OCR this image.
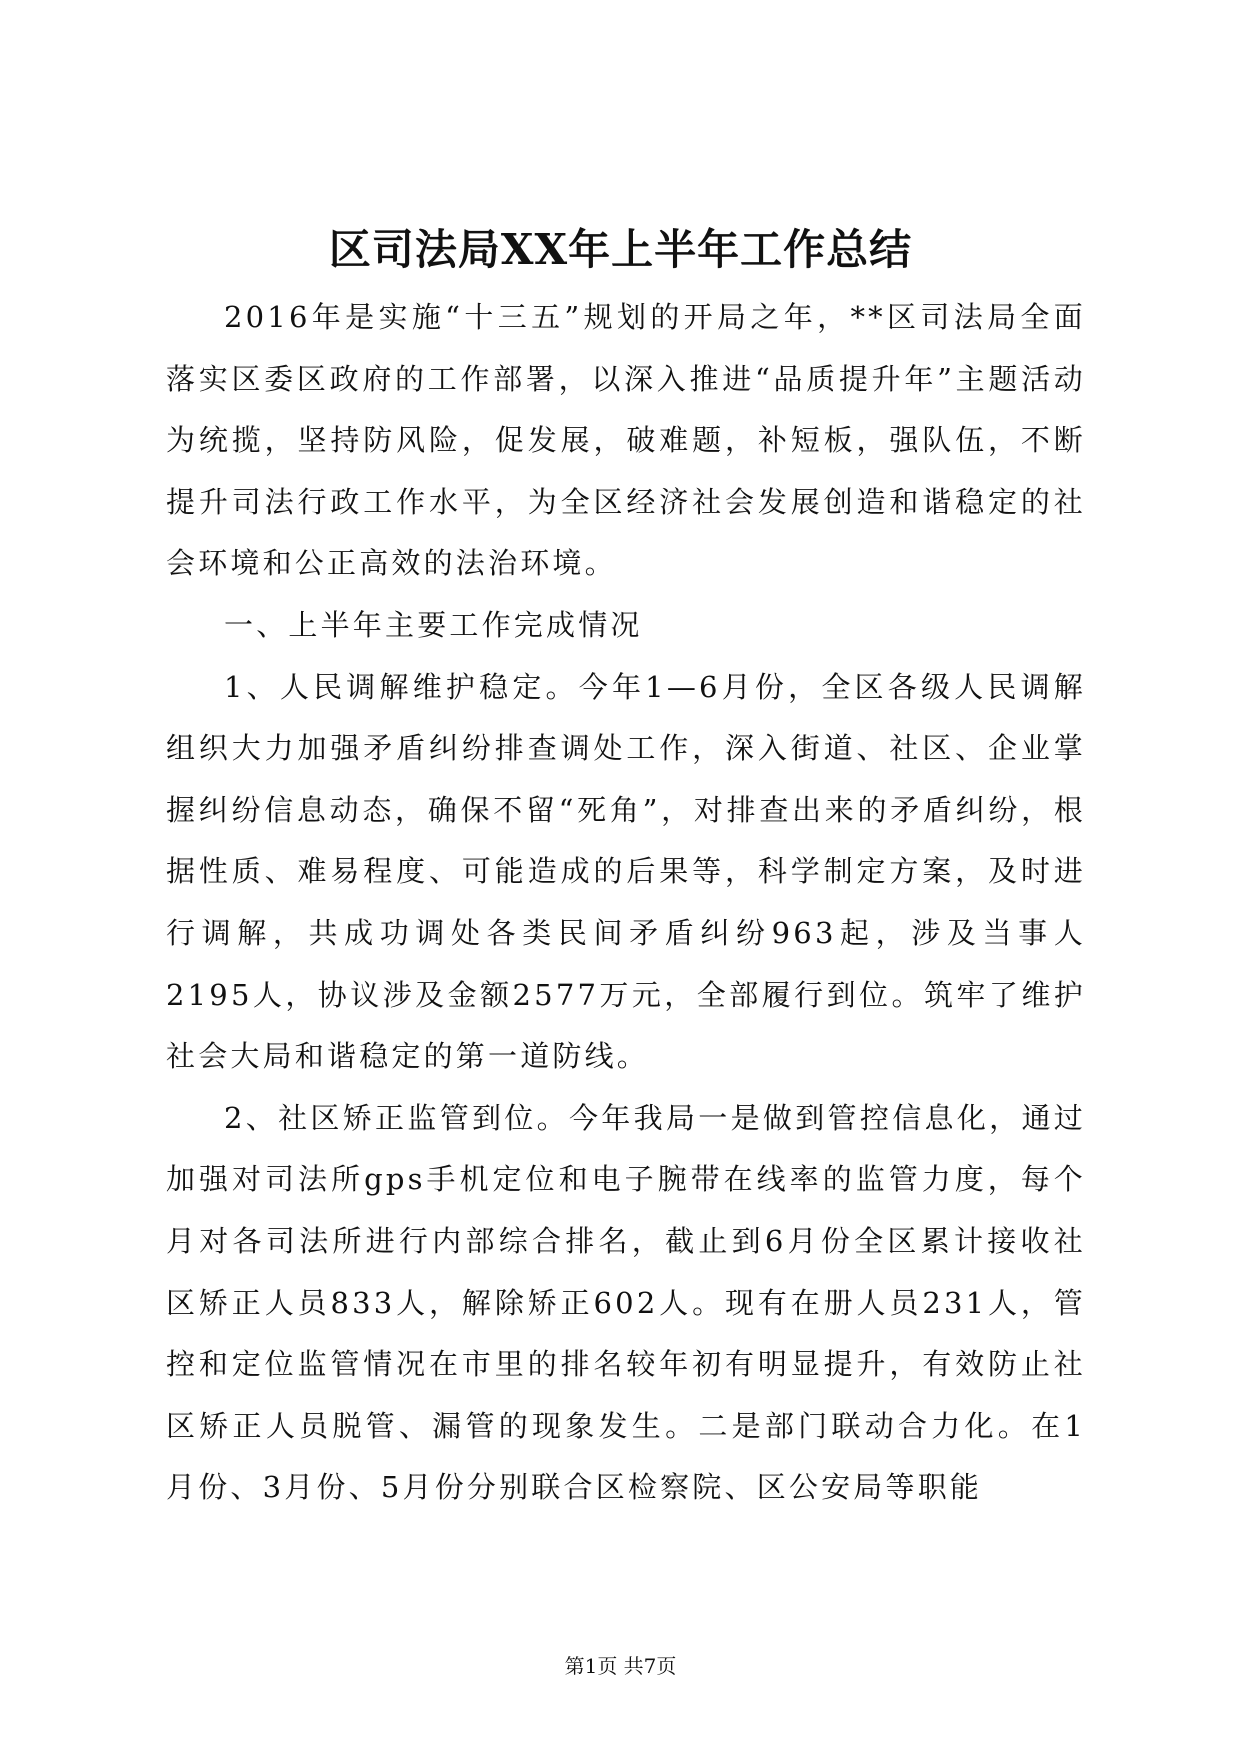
区司法局XX年上半年工作总结

2016年是实施“十三五”规划的开局之年，**区司法局全面落实区委区政府的工作部署，以深入推进“品质提升年”主题活动为统揽，坚持防风险，促发展，破难题，补短板，强队伍，不断提升司法行政工作水平，为全区经济社会发展创造和谐稳定的社会环境和公正高效的法治环境。

一、上半年主要工作完成情况

1、人民调解维护稳定。今年1—6月份，全区各级人民调解组织大力加强矛盾纠纷排查调处工作，深入街道、社区、企业掌握纠纷信息动态，确保不留“死角”，对排查出来的矛盾纠纷，根据性质、难易程度、可能造成的后果等，科学制定方案，及时进行调解，共成功调处各类民间矛盾纠纷963起，涉及当事人2195人，协议涉及金额2577万元，全部履行到位。筑牢了维护社会大局和谐稳定的第一道防线。

2、社区矫正监管到位。今年我局一是做到管控信息化，通过加强对司法所gps手机定位和电子腕带在线率的监管力度，每个月对各司法所进行内部综合排名，截止到6月份全区累计接收社区矫正人员833人，解除矫正602人。现有在册人员231人，管控和定位监管情况在市里的排名较年初有明显提升，有效防止社区矫正人员脱管、漏管的现象发生。二是部门联动合力化。在1月份、3月份、5月份分别联合区检察院、区公安局等职能

第1页 共7页
